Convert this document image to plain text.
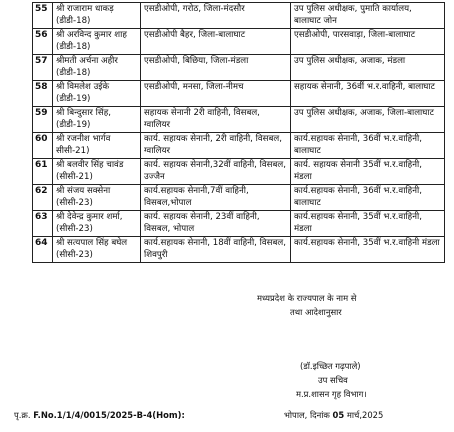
55	श्री राजाराम धाकड़ (डीडी-18)	एसडीओपी, गरोठ, जिला-मंदसौर	उप पुलिस अधीक्षक, पुमाति कार्यालय, बालाघाट जोन
56	श्री अरविन्द कुमार शाह (डीडी-18)	एसडीओपी बैहर, जिला-बालाघाट	एसडीओपी, पारसवाड़ा, जिला-बालाघाट
57	श्रीमती अर्चना अहीर (डीडी-18)	एसडीओपी, बिछिया, जिला-मंडला	उप पुलिस अधीक्षक, अजाक, मंडला
58	श्री विमलेश उईके (डीडी-19)	एसडीओपी, मनसा, जिला-नीमच	सहायक सेनानी, 36वीं भ.र.वाहिनी, बालाघाट
59	श्री बिन्दुसार सिंह, (डीडी-19)	सहायक सेनानी 2री वाहिनी, विसबल, ग्वालियर	उप पुलिस अधीक्षक, अजाक, जिला-बालाघाट
60	श्री रजनीश भार्गव सीसी-21)	कार्य. सहायक सेनानी, 2री वाहिनी, विसबल, ग्वालियर	कार्य.सहायक सेनानी, 36वीं भ.र.वाहिनी, बालाघाट
61	श्री बलवीर सिंह चावंड (सीसी-21)	कार्य. सहायक सेनानी,32वीं वाहिनी, विसबल, उज्जैन	कार्य. सहायक सेनानी 35वीं भ.र.वाहिनी, मंडला
62	श्री संजय सक्सेना (सीसी-23)	कार्य.सहायक सेनानी,7वीं वाहिनी, विसबल,भोपाल	कार्य.सहायक सेनानी, 36वीं भ.र.वाहिनी, बालाघाट
63	श्री देवेन्द्र कुमार शर्मा, (सीसी-23)	कार्य. सहायक सेनानी, 23वीं वाहिनी, विसबल, भोपाल	कार्य.सहायक सेनानी, 35वीं भ.र.वाहिनी, मंडला
64	श्री सत्यपाल सिंह बघेल (सीसी-23)	कार्य.सहायक सेनानी, 18वीं वाहिनी, विसबल, शिवपुरी	कार्य.सहायक सेनानी, 35वीं भ.र.वाहिनी मंडला
मध्यप्रदेश के राज्यपाल के नाम से
तथा आदेशानुसार
(डॉ.इच्छित गढ़पाले)
उप सचिव
म.प्र.शासन गृह विभाग।
पृ.क्र. F.No.1/1/4/0015/2025-B-4(Hom):	भोपाल, दिनांक 05 मार्च,2025
